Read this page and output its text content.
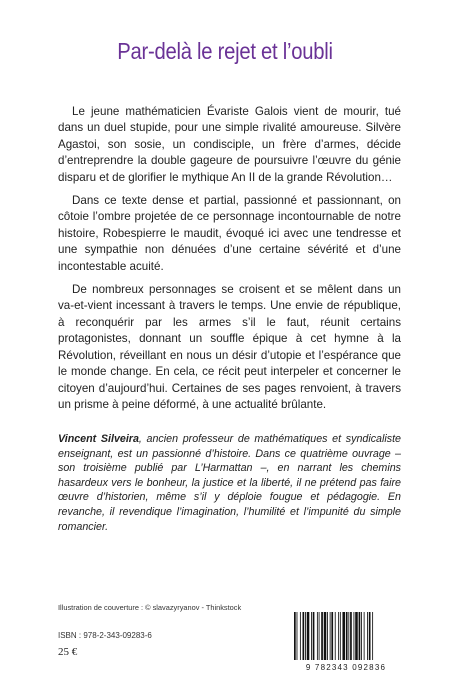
Par-delà le rejet et l’oubli

Le jeune mathématicien Évariste Galois vient de mourir, tué dans un duel stupide, pour une simple rivalité amoureuse. Silvère Agastoi, son sosie, un condisciple, un frère d’armes, décide d’entreprendre la double gageure de poursuivre l’œuvre du génie disparu et de glorifier le mythique An II de la grande Révolution…

Dans ce texte dense et partial, passionné et passionnant, on côtoie l’ombre projetée de ce personnage incontournable de notre histoire, Robespierre le maudit, évoqué ici avec une tendresse et une sympathie non dénuées d’une certaine sévérité et d’une incontestable acuité.

De nombreux personnages se croisent et se mêlent dans un va-et-vient incessant à travers le temps. Une envie de république, à reconquérir par les armes s’il le faut, réunit certains protagonistes, donnant un souffle épique à cet hymne à la Révolution, réveillant en nous un désir d’utopie et l’espérance que le monde change. En cela, ce récit peut interpeler et concerner le citoyen d’aujourd’hui. Certaines de ses pages renvoient, à travers un prisme à peine déformé, à une actualité brûlante.

Vincent Silveira, ancien professeur de mathématiques et syndicaliste enseignant, est un passionné d’histoire. Dans ce quatrième ouvrage – son troisième publié par L’Harmattan –, en narrant les chemins hasardeux vers le bonheur, la justice et la liberté, il ne prétend pas faire œuvre d’historien, même s’il y déploie fougue et pédagogie. En revanche, il revendique l’imagination, l’humilité et l’impunité du simple romancier.
Illustration de couverture : © slavazyryanov - Thinkstock
ISBN : 978-2-343-09283-6
25 €
9 782343 092836
